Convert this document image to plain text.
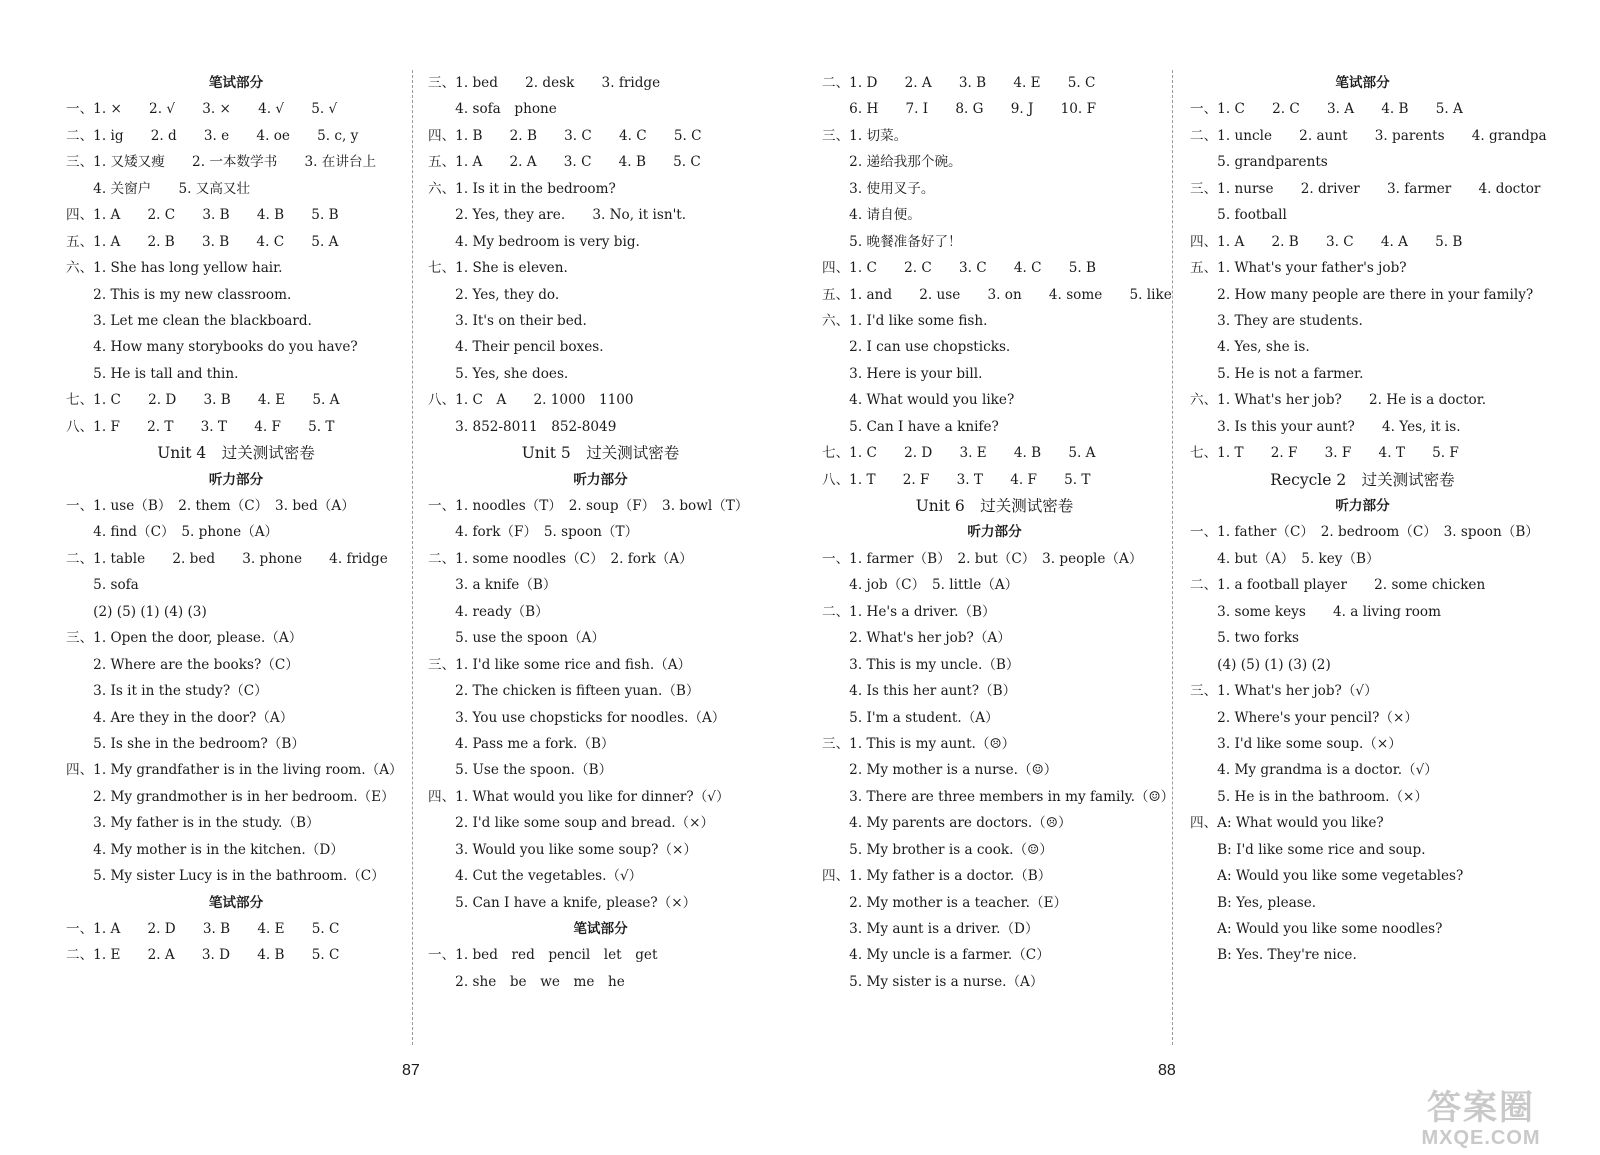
笔试部分
一、1. ×　　2. √　　3. ×　　4. √　　5. √
二、1. ig　　2. d　　3. e　　4. oe　　5. c, y
三、1. 又矮又瘦　　2. 一本数学书　　3. 在讲台上
　　4. 关窗户　　5. 又高又壮
四、1. A　　2. C　　3. B　　4. B　　5. B
五、1. A　　2. B　　3. B　　4. C　　5. A
六、1. She has long yellow hair.
　　2. This is my new classroom.
　　3. Let me clean the blackboard.
　　4. How many storybooks do you have?
　　5. He is tall and thin.
七、1. C　　2. D　　3. B　　4. E　　5. A
八、1. F　　2. T　　3. T　　4. F　　5. T
Unit 4　过关测试密卷
听力部分
一、1. use（B）　2. them（C）　3. bed（A）
　　4. find（C）　5. phone（A）
二、1. table　　2. bed　　3. phone　　4. fridge
　　5. sofa
　　(2) (5) (1) (4) (3)
三、1. Open the door, please.（A）
　　2. Where are the books?（C）
　　3. Is it in the study?（C）
　　4. Are they in the door?（A）
　　5. Is she in the bedroom?（B）
四、1. My grandfather is in the living room.（A）
　　2. My grandmother is in her bedroom.（E）
　　3. My father is in the study.（B）
　　4. My mother is in the kitchen.（D）
　　5. My sister Lucy is in the bathroom.（C）
笔试部分
一、1. A　　2. D　　3. B　　4. E　　5. C
二、1. E　　2. A　　3. D　　4. B　　5. C
三、1. bed　　2. desk　　3. fridge
　　4. sofa　phone
四、1. B　　2. B　　3. C　　4. C　　5. C
五、1. A　　2. A　　3. C　　4. B　　5. C
六、1. Is it in the bedroom?
　　2. Yes, they are.　　3. No, it isn't.
　　4. My bedroom is very big.
七、1. She is eleven.
　　2. Yes, they do.
　　3. It's on their bed.
　　4. Their pencil boxes.
　　5. Yes, she does.
八、1. C　A　　2. 1000　1100
　　3. 852-8011　852-8049
Unit 5　过关测试密卷
听力部分
一、1. noodles（T）　2. soup（F）　3. bowl（T）
　　4. fork（F）　5. spoon（T）
二、1. some noodles（C）　2. fork（A）
　　3. a knife（B）
　　4. ready（B）
　　5. use the spoon（A）
三、1. I'd like some rice and fish.（A）
　　2. The chicken is fifteen yuan.（B）
　　3. You use chopsticks for noodles.（A）
　　4. Pass me a fork.（B）
　　5. Use the spoon.（B）
四、1. What would you like for dinner?（√）
　　2. I'd like some soup and bread.（×）
　　3. Would you like some soup?（×）
　　4. Cut the vegetables.（√）
　　5. Can I have a knife, please?（×）
笔试部分
一、1. bed　red　pencil　let　get
　　2. she　be　we　me　he
二、1. D　　2. A　　3. B　　4. E　　5. C
　　6. H　　7. I　　8. G　　9. J　　10. F
三、1. 切菜。
　　2. 递给我那个碗。
　　3. 使用叉子。
　　4. 请自便。
　　5. 晚餐准备好了！
四、1. C　　2. C　　3. C　　4. C　　5. B
五、1. and　　2. use　　3. on　　4. some　　5. like
六、1. I'd like some fish.
　　2. I can use chopsticks.
　　3. Here is your bill.
　　4. What would you like?
　　5. Can I have a knife?
七、1. C　　2. D　　3. E　　4. B　　5. A
八、1. T　　2. F　　3. T　　4. F　　5. T
Unit 6　过关测试密卷
听力部分
一、1. farmer（B）　2. but（C）　3. people（A）
　　4. job（C）　5. little（A）
二、1. He's a driver.（B）
　　2. What's her job?（A）
　　3. This is my uncle.（B）
　　4. Is this her aunt?（B）
　　5. I'm a student.（A）
三、1. This is my aunt.（☹）
　　2. My mother is a nurse.（☺）
　　3. There are three members in my family.（☺）
　　4. My parents are doctors.（☹）
　　5. My brother is a cook.（☺）
四、1. My father is a doctor.（B）
　　2. My mother is a teacher.（E）
　　3. My aunt is a driver.（D）
　　4. My uncle is a farmer.（C）
　　5. My sister is a nurse.（A）
笔试部分
一、1. C　　2. C　　3. A　　4. B　　5. A
二、1. uncle　　2. aunt　　3. parents　　4. grandpa
　　5. grandparents
三、1. nurse　　2. driver　　3. farmer　　4. doctor
　　5. football
四、1. A　　2. B　　3. C　　4. A　　5. B
五、1. What's your father's job?
　　2. How many people are there in your family?
　　3. They are students.
　　4. Yes, she is.
　　5. He is not a farmer.
六、1. What's her job?　　2. He is a doctor.
　　3. Is this your aunt?　　4. Yes, it is.
七、1. T　　2. F　　3. F　　4. T　　5. F
Recycle 2　过关测试密卷
听力部分
一、1. father（C）　2. bedroom（C）　3. spoon（B）
　　4. but（A）　5. key（B）
二、1. a football player　　2. some chicken
　　3. some keys　　4. a living room
　　5. two forks
　　(4) (5) (1) (3) (2)
三、1. What's her job?（√）
　　2. Where's your pencil?（×）
　　3. I'd like some soup.（×）
　　4. My grandma is a doctor.（√）
　　5. He is in the bathroom.（×）
四、A: What would you like?
　　B: I'd like some rice and soup.
　　A: Would you like some vegetables?
　　B: Yes, please.
　　A: Would you like some noodles?
　　B: Yes. They're nice.
87	88
答案圈
MXQE.COM
